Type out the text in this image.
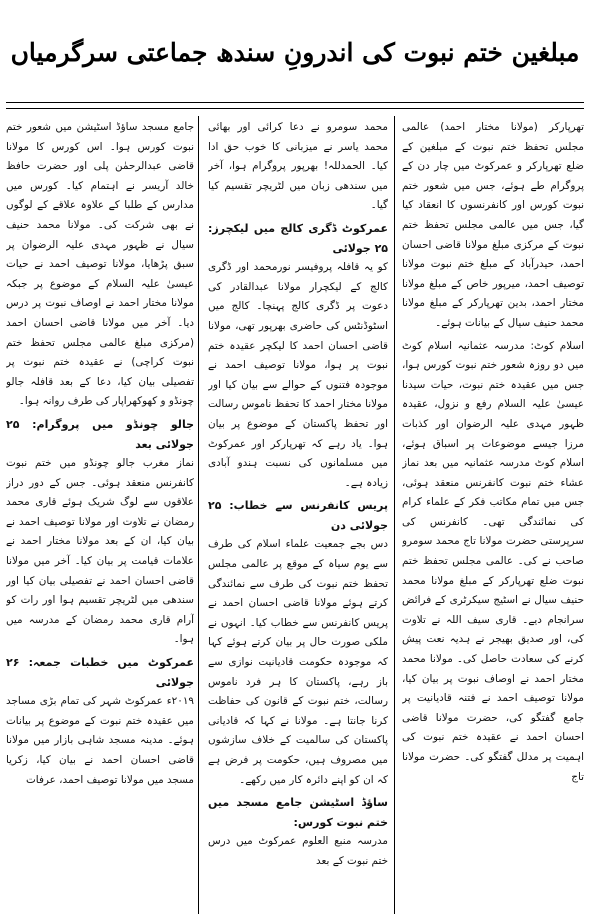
مبلغین ختم نبوت کی اندرونِ سندھ جماعتی سرگرمیاں

تھرپارکر (مولانا مختار احمد) عالمی مجلس تحفظ ختم نبوت کے مبلغین کے ضلع تھرپارکر و عمرکوٹ میں چار دن کے پروگرام طے ہوئے، جس میں شعور ختم نبوت کورس اور کانفرنسوں کا انعقاد کیا گیا، جس میں عالمی مجلس تحفظ ختم نبوت کے مرکزی مبلغ مولانا قاضی احسان احمد، حیدرآباد کے مبلغ ختم نبوت مولانا توصیف احمد، میرپور خاص کے مبلغ مولانا مختار احمد، بدین تھرپارکر کے مبلغ مولانا محمد حنیف سیال کے بیانات ہوئے۔

اسلام کوٹ: مدرسہ عثمانیہ اسلام کوٹ میں دو روزہ شعور ختم نبوت کورس ہوا، جس میں عقیدہ ختم نبوت، حیات سیدنا عیسیٰ علیہ السلام رفع و نزول، عقیدہ ظہور مہدی علیہ الرضوان اور کذبات مرزا جیسے موضوعات پر اسباق ہوئے، اسلام کوٹ مدرسہ عثمانیہ میں بعد نماز عشاء ختم نبوت کانفرنس منعقد ہوئی، جس میں تمام مکاتب فکر کے علماء کرام کی نمائندگی تھی۔ کانفرنس کی سرپرستی حضرت مولانا تاج محمد سومرو صاحب نے کی۔ عالمی مجلس تحفظ ختم نبوت ضلع تھرپارکر کے مبلغ مولانا محمد حنیف سیال نے اسٹیج سیکرٹری کے فرائض سرانجام دیے۔ قاری سیف اللہ نے تلاوت کی، اور صدیق بھیجر نے ہدیہ نعت پیش کرنے کی سعادت حاصل کی۔ مولانا محمد مختار احمد نے اوصاف نبوت پر بیان کیا، مولانا توصیف احمد نے فتنہ قادیانیت پر جامع گفتگو کی، حضرت مولانا قاضی احسان احمد نے عقیدہ ختم نبوت کی اہمیت پر مدلل گفتگو کی۔ حضرت مولانا تاج

محمد سومرو نے دعا کرائی اور بھائی محمد یاسر نے میزبانی کا خوب حق ادا کیا۔ الحمدللہ! بھرپور پروگرام ہوا، آخر میں سندھی زبان میں لٹریچر تقسیم کیا گیا۔

عمرکوٹ ڈگری کالج میں لیکچرز: ۲۵ جولائی

کو یہ قافلہ پروفیسر نورمحمد اور ڈگری کالج کے لیکچرار مولانا عبدالقادر کی دعوت پر ڈگری کالج پہنچا۔ کالج میں اسٹوڈنٹس کی حاضری بھرپور تھی، مولانا قاضی احسان احمد کا لیکچر عقیدہ ختم نبوت پر ہوا، مولانا توصیف احمد نے موجودہ فتنوں کے حوالے سے بیان کیا اور مولانا مختار احمد کا تحفظ ناموس رسالت اور تحفظ پاکستان کے موضوع پر بیان ہوا۔ یاد رہے کہ تھرپارکر اور عمرکوٹ میں مسلمانوں کی نسبت ہندو آبادی زیادہ ہے۔

پریس کانفرنس سے خطاب: ۲۵ جولائی دن

دس بجے جمعیت علماء اسلام کی طرف سے یوم سیاہ کے موقع پر عالمی مجلس تحفظ ختم نبوت کی طرف سے نمائندگی کرتے ہوئے مولانا قاضی احسان احمد نے پریس کانفرنس سے خطاب کیا۔ انہوں نے ملکی صورت حال پر بیان کرتے ہوئے کہا کہ موجودہ حکومت قادیانیت نوازی سے باز رہے، پاکستان کا ہر فرد ناموس رسالت، ختم نبوت کے قانون کی حفاظت کرنا جانتا ہے۔ مولانا نے کہا کہ قادیانی پاکستان کی سالمیت کے خلاف سازشوں میں مصروف ہیں، حکومت پر فرض ہے کہ ان کو اپنے دائرہ کار میں رکھے۔

ساؤڈ اسٹیشن جامع مسجد میں ختم نبوت کورس:

مدرسہ منبع العلوم عمرکوٹ میں درس ختم نبوت کے بعد

جامع مسجد ساؤڈ اسٹیشن میں شعور ختم نبوت کورس ہوا۔ اس کورس کا مولانا قاضی عبدالرحمٰن پلی اور حضرت حافظ خالد آریسر نے اہتمام کیا۔ کورس میں مدارس کے طلبا کے علاوہ علاقے کے لوگوں نے بھی شرکت کی۔ مولانا محمد حنیف سیال نے ظہور مہدی علیہ الرضوان پر سبق پڑھایا، مولانا توصیف احمد نے حیات عیسیٰ علیہ السلام کے موضوع پر جبکہ مولانا مختار احمد نے اوصاف نبوت پر درس دیا۔ آخر میں مولانا قاضی احسان احمد (مرکزی مبلغ عالمی مجلس تحفظ ختم نبوت کراچی) نے عقیدہ ختم نبوت پر تفصیلی بیان کیا، دعا کے بعد قافلہ جالو چونڈو و کھوکھراپار کی طرف روانہ ہوا۔

جالو چونڈو میں پروگرام: ۲۵ جولائی بعد

نماز مغرب جالو چونڈو میں ختم نبوت کانفرنس منعقد ہوئی۔ جس کے دور دراز علاقوں سے لوگ شریک ہوئے قاری محمد رمضان نے تلاوت اور مولانا توصیف احمد نے بیان کیا، ان کے بعد مولانا مختار احمد نے علامات قیامت پر بیان کیا۔ آخر میں مولانا قاضی احسان احمد نے تفصیلی بیان کیا اور سندھی میں لٹریچر تقسیم ہوا اور رات کو آرام قاری محمد رمضان کے مدرسہ میں ہوا۔

عمرکوٹ میں خطبات جمعہ: ۲۶ جولائی

۲۰۱۹ء عمرکوٹ شہر کی تمام بڑی مساجد میں عقیدہ ختم نبوت کے موضوع پر بیانات ہوئے۔ مدینہ مسجد شاہی بازار میں مولانا قاضی احسان احمد نے بیان کیا، زکریا مسجد میں مولانا توصیف احمد، عرفات
